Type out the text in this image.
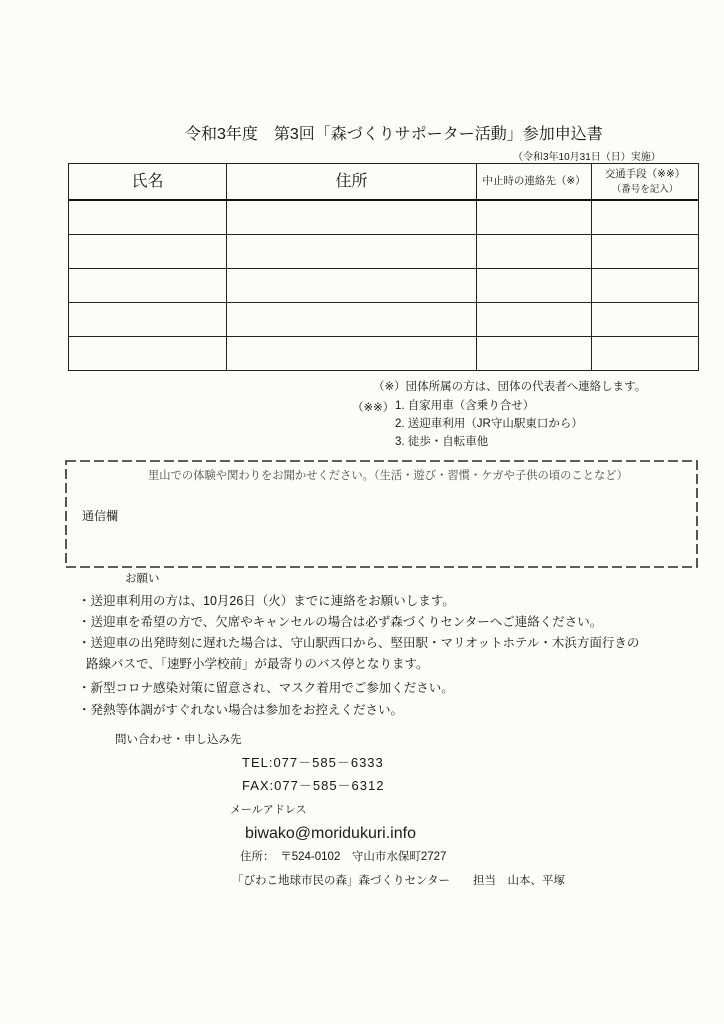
令和3年度　第3回「森づくりサポーター活動」参加申込書
（令和3年10月31日（日）実施）
氏名	住所	中止時の連絡先（※）	交通手段（※※）
（番号を記入）

（※）団体所属の方は、団体の代表者へ連絡します。
（※※） 1. 自家用車（含乗り合せ）
2. 送迎車利用（JR守山駅東口から）
3. 徒歩・自転車他
里山での体験や関わりをお聞かせください。（生活・遊び・習慣・ケガや子供の頃のことなど）
通信欄
お願い
・送迎車利用の方は、10月26日（火）までに連絡をお願いします。
・送迎車を希望の方で、欠席やキャンセルの場合は必ず森づくりセンターへご連絡ください。
・送迎車の出発時刻に遅れた場合は、守山駅西口から、堅田駅・マリオットホテル・木浜方面行きの
路線バスで、「速野小学校前」が最寄りのバス停となります。
・新型コロナ感染対策に留意され、マスク着用でご参加ください。
・発熱等体調がすぐれない場合は参加をお控えください。
問い合わせ・申し込み先
TEL:077－585－6333
FAX:077－585－6312
メールアドレス
biwako@moridukuri.info
住所：　〒524-0102　守山市水保町2727
「びわこ地球市民の森」森づくりセンター　　担当　山本、平塚
